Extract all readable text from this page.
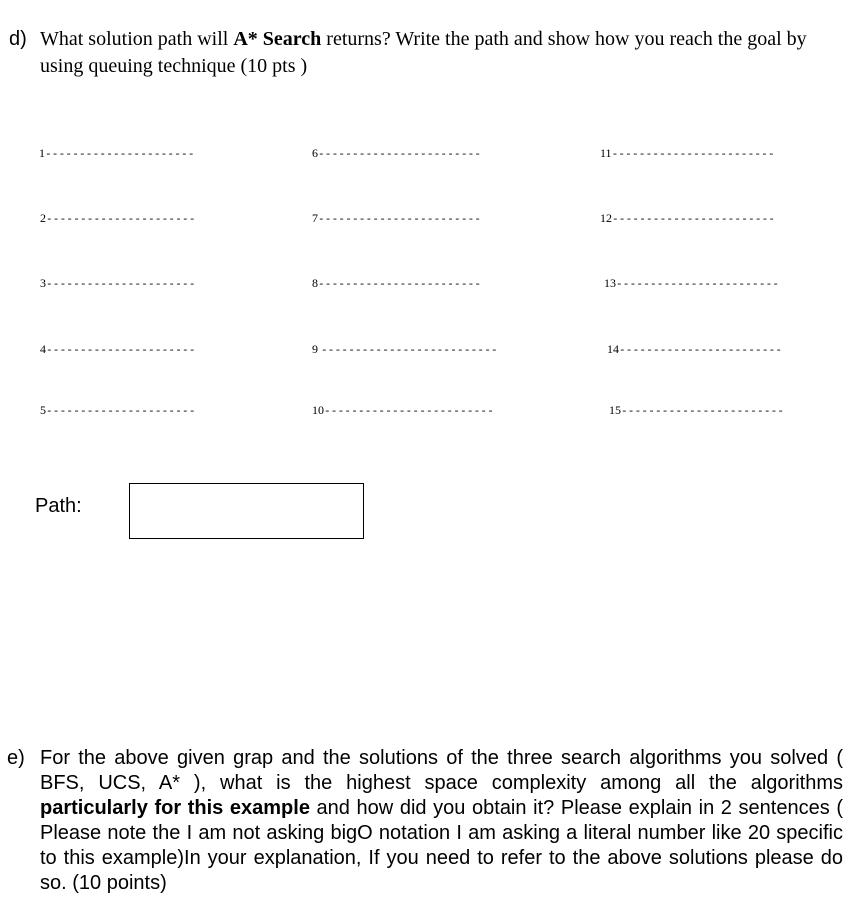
d) What solution path will A* Search returns? Write the path and show how you reach the goal by using queuing technique (10 pts )
1----------------------
2----------------------
3----------------------
4----------------------
5----------------------
6------------------------
7------------------------
8------------------------
9 --------------------------
10-------------------------
11------------------------
12------------------------
13------------------------
14------------------------
15------------------------
Path:
e) For the above given grap and the solutions of the three search algorithms you solved ( BFS, UCS, A* ), what is the highest space complexity among all the algorithms particularly for this example and how did you obtain it? Please explain in 2 sentences ( Please note the I am not asking bigO notation I am asking a literal number like 20 specific to this example)In your explanation, If you need to refer to the above solutions please do so. (10 points)
